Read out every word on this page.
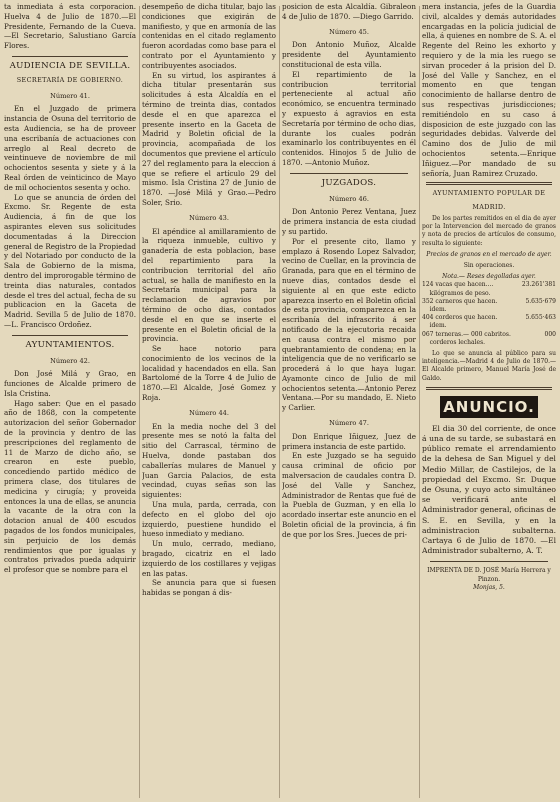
ta inmediata á esta corporacion. Huelva 4 de Julio de 1870.—El Presidente, Fernando de la Cueva.—El Secretario, Salustiano García Flores.

AUDIENCIA DE SEVILLA.
SECRETARÍA DE GOBIERNO.
Número 41.

En el Juzgado de primera instancia de Osuna del territorio de esta Audiencia, se ha de proveer una escribanía de actuaciones con arreglo al Real decreto de veintinueve de noviembre de mil ochocientos sesenta y siete y á la Real órden de veinticinco de Mayo de mil ochocientos sesenta y ocho.

Lo que se anuncia de órden del Excmo. Sr. Regente de esta Audiencia, á fin de que los aspirantes eleven sus solicitudes documentadas á la Direccion general de Registro de la Propiedad y del Notariado por conducto de la Sala de Gobierno de la misma, dentro del improrogable término de treinta dias naturales, contados desde el tres del actual, fecha de su publicacion en la Gaceta de Madrid. Sevilla 5 de Julio de 1870.—L. Francisco Ordoñez.

AYUNTAMIENTOS.
Número 42.

Don José Milá y Grao, en funciones de Alcalde primero de Isla Cristina.

Hago saber: Que en el pasado año de 1868, con la competente autorizacion del señor Gobernador de la provincia y dentro de las prescripciones del reglamento de 11 de Marzo de dicho año, se crearon en este pueblo, concediendo partido médico de primera clase, dos titulares de medicina y cirugía; y proveida entonces la una de ellas, se anuncia la vacante de la otra con la dotacion anual de 400 escudos pagados de los fondos municipales, sin perjuicio de los demás rendimientos que por igualas y contratos privados pueda adquirir el profesor que se nombre para el

desempeño de dicha titular, bajo las condiciones que exigirán de manifiesto, y que en armonía de las contenidas en el citado reglamento fueron acordadas como base para el contrato por el Ayuntamiento y contribuyentes asociados.

En su virtud, los aspirantes á dicha titular presentarán sus solicitudes á esta Alcaldía en el término de treinta dias, contados desde el en que aparezca el presente inserto en la Gaceta de Madrid y Boletin oficial de la provincia, acompañada de los documentos que previene el artículo 27 del reglamento para la eleccion á que se refiere el artículo 29 del mismo. Isla Cristina 27 de Junio de 1870. —José Milá y Grao.—Pedro Soler, Srio.

Número 43.

El apéndice al amillaramiento de la riqueza inmueble, cultivo y ganadería de esta poblacion, base del repartimiento para la contribucion territorial del año actual, se halla de manifiesto en la Secretaría municipal para la reclamacion de agravios por término de ocho dias, contados desde el en que se inserte el presente en el Boletin oficial de la provincia.

Se hace notorio para conocimiento de los vecinos de la localidad y hacendados en ella. San Bartolomé de la Torre 4 de Julio de 1870.—El Alcalde, José Gomez y Roja.

Número 44.

En la media noche del 3 del presente mes se notó la falta del sitio del Carrascal, término de Huelva, donde pastaban dos caballerías mulares de Manuel y Juan Garcia Palacios, de esta vecindad, cuyas señas son las siguientes:

Una mula, parda, cerrada, con defecto en el globo del ojo izquierdo, puestiene hundido el hueso inmediato y mediano.

Un mulo, cerrado, mediano, bragado, cicatriz en el lado izquierdo de los costillares y vejigas en las patas.

Se anuncia para que si fuesen habidas se pongan á dis-

posicion de esta Alcaldía. Gibraleon 4 de Julio de 1870. —Diego Garrido.

Número 45.

Don Antonio Muñoz, Alcalde presidente del Ayuntamiento constitucional de esta villa.

El repartimiento de la contribucion territorial perteneciente al actual año económico, se encuentra terminado y expuesto á agravios en esta Secretaría por término de ocho dias, durante los cuales podrán examinarlo los contribuyentes en él contenidos. Hinojos 5 de Julio de 1870. —Antonio Muñoz.

JUZGADOS.
Número 46.

Don Antonio Perez Ventana, Juez de primera instancia de esta ciudad y su partido.

Por el presente cito, llamo y emplazo á Rosendo Lopez Salvador, vecino de Cuellar, en la provincia de Granada, para que en el término de nueve dias, contados desde el siguiente al en que este edicto aparezca inserto en el Boletin oficial de esta provincia, comparezca en la escribanía del infrascrito á ser notificado de la ejecutoria recaida en causa contra el mismo por quebrantamiento de condena; en la inteligencia que de no verificarlo se procederá á lo que haya lugar. Ayamonte cinco de Julio de mil ochocientos setenta.—Antonio Perez Ventana.—Por su mandado, E. Nieto y Carlier.

Número 47.

Don Enrique Iñiguez, Juez de primera instancia de este partido.

En este Juzgado se ha seguido causa criminal de oficio por malversacion de caudales contra D. José del Valle y Sanchez, Administrador de Rentas que fué de la Puebla de Guzman, y en ella lo acordado insertar este anuncio en el Boletin oficial de la provincia, á fin de que por los Sres. Jueces de pri-

mera instancia, jefes de la Guardia civil, alcaldes y demás autoridades encargadas en la policía judicial de ella, á quienes en nombre de S. A. el Regente del Reino les exhorto y requiero y de la mia les ruego se sirvan proceder á la prision del D. José del Valle y Sanchez, en el momento en que tengan conocimiento de hallarse dentro de sus respectivas jurisdicciones; remitiéndolo en su caso á disposicion de este juzgado con las seguridades debidas. Valverde del Camino dos de Julio de mil ochocientos setenta.—Enrique Iñiguez.—Por mandado de su señoría, Juan Ramirez Cruzado.

AYUNTAMIENTO POPULAR DE
MADRID.

De los partes remitidos en el dia de ayer por la Intervencion del mercado de granos y nota de precios de artículos de consumo, resulta lo siguiente:

Precios de granos en el mercado de ayer.

Sin operaciones.

Nota.— Reses degolladas ayer.

124 vacas que hacen....	23.261'381
kilógramos de peso.
352 carneros que hacen.	5.635·679
idem.
404 corderos que hacen.	5.655·463
idem.
067 terneras.— 000 cabritos.	000
corderos lechales.

Lo que se anuncia al público para su inteligencia.—Madrid 4 de Julio de 1870.—El Alcalde primero, Manuel María José de Galdo.

ANUNCIO.

El dia 30 del corriente, de once á una de su tarde, se subastará en público remate el arrendamiento de la dehesa de San Miguel y del Medio Millar, de Castilejos, de la propiedad del Excmo. Sr. Duque de Osuna, y cuyo acto simultáneo se verificará ante el Administrador general, oficinas de S. E. en Sevilla, y en la administracion subalterna. Cartaya 6 de Julio de 1870. —El Administrador subalterno, A. T.

IMPRENTA DE D. JOSÉ María Herrera y Pinzon.

Monjas, 5.
